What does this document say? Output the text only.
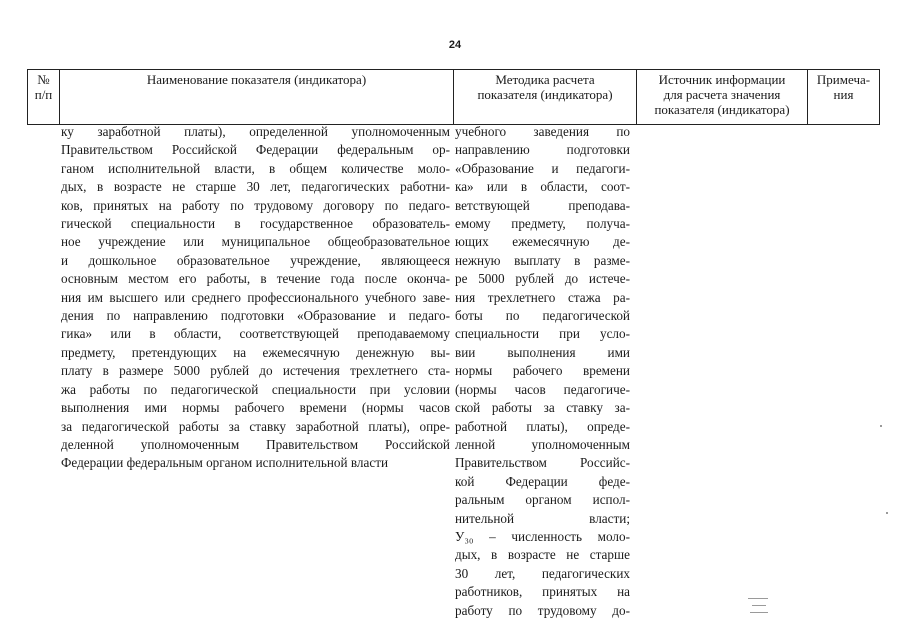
24
№
п/п
Наименование показателя (индикатора)	Методика расчета
показателя (индикатора)
Источник информации
для расчета значения
показателя (индикатора)
Примеча-
ния
ку заработной платы), определенной уполномоченным
Правительством Российской Федерации федеральным ор-
ганом исполнительной власти, в общем количестве моло-
дых, в возрасте не старше 30 лет, педагогических работни-
ков, принятых на работу по трудовому договору по педаго-
гической специальности в государственное образователь-
ное учреждение или муниципальное общеобразовательное
и дошкольное образовательное учреждение, являющееся
основным местом его работы, в течение года после оконча-
ния им высшего или среднего профессионального учебного заве-
дения по направлению подготовки «Образование и педаго-
гика» или в области, соответствующей преподаваемому
предмету, претендующих на ежемесячную денежную вы-
плату в размере 5000 рублей до истечения трехлетнего ста-
жа работы по педагогической специальности при условии
выполнения ими нормы рабочего времени (нормы часов
за педагогической работы за ставку заработной платы), опре-
деленной уполномоченным Правительством Российской
Федерации федеральным органом исполнительной власти
учебного заведения по
направлению подготовки
«Образование и педагоги-
ка» или в области, соот-
ветствующей преподава-
емому предмету, получа-
ющих ежемесячную де-
нежную выплату в разме-
ре 5000 рублей до истече-
ния трехлетнего стажа ра-
боты по педагогической
специальности при усло-
вии выполнения ими
нормы рабочего времени
(нормы часов педагогиче-
ской работы за ставку за-
работной платы), опреде-
ленной уполномоченным
Правительством Российс-
кой Федерации феде-
ральным органом испол-
нительной власти;
У₃₀ – численность моло-
дых, в возрасте не старше
30 лет, педагогических
работников, принятых на
работу по трудовому до-
